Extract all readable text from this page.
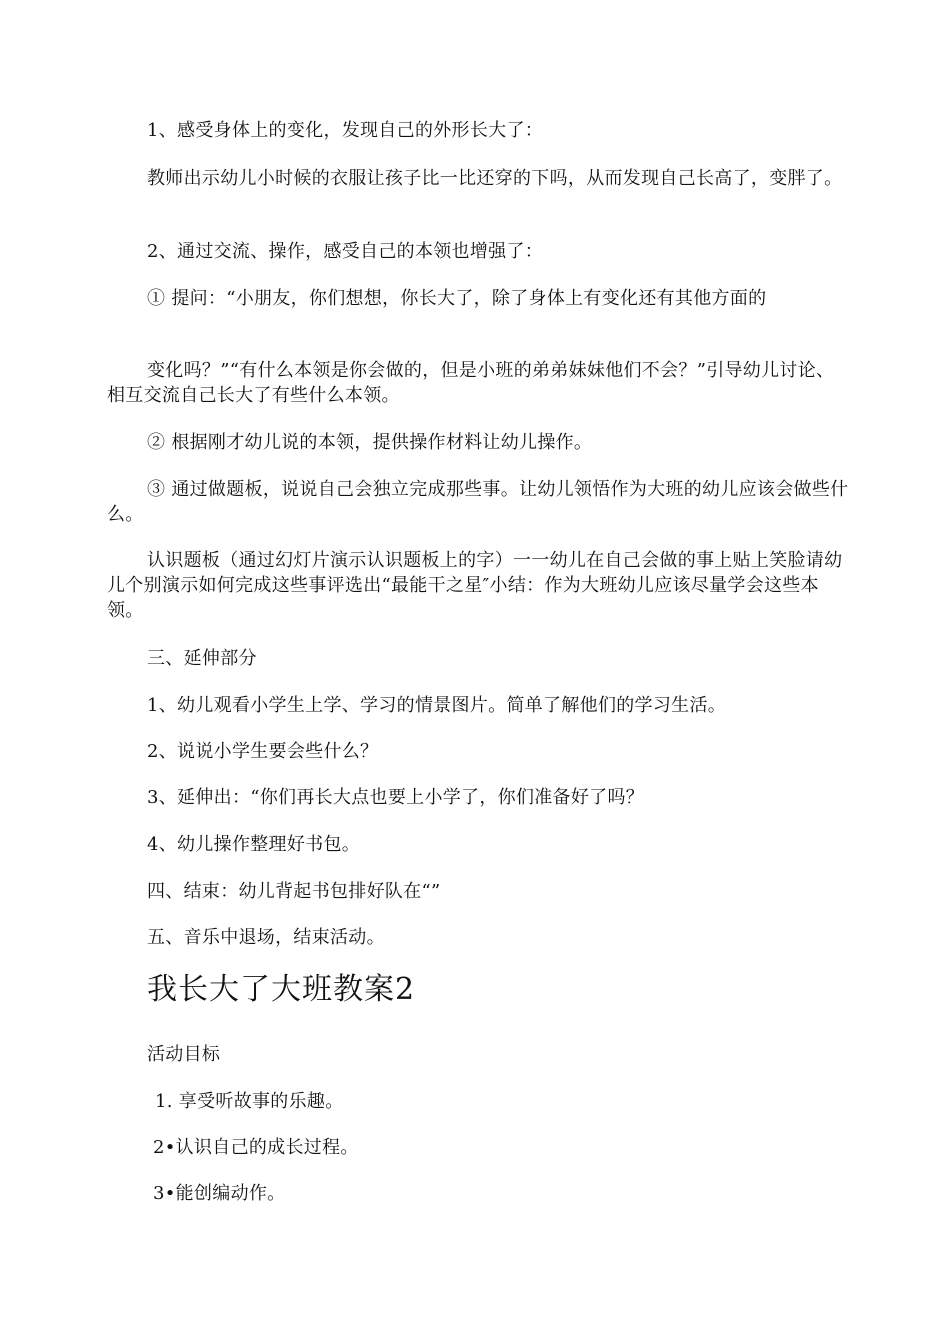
1、感受身体上的变化，发现自己的外形长大了：

教师出示幼儿小时候的衣服让孩子比一比还穿的下吗，从而发现自己长高了，变胖了。

2、通过交流、操作，感受自己的本领也增强了：

① 提问：“小朋友，你们想想，你长大了，除了身体上有变化还有其他方面的

变化吗？”“有什么本领是你会做的，但是小班的弟弟妹妹他们不会？”引导幼儿讨论、相互交流自己长大了有些什么本领。

② 根据刚才幼儿说的本领，提供操作材料让幼儿操作。

③ 通过做题板，说说自己会独立完成那些事。让幼儿领悟作为大班的幼儿应该会做些什么。

认识题板（通过幻灯片演示认识题板上的字）一一幼儿在自己会做的事上贴上笑脸请幼儿个别演示如何完成这些事评选出“最能干之星″小结：作为大班幼儿应该尽量学会这些本领。

三、延伸部分

1、幼儿观看小学生上学、学习的情景图片。简单了解他们的学习生活。

2、说说小学生要会些什么？

3、延伸出：“你们再长大点也要上小学了，你们准备好了吗？

4、幼儿操作整理好书包。

四、结束：幼儿背起书包排好队在“”

五、音乐中退场，结束活动。

我长大了大班教案2

活动目标

1. 享受听故事的乐趣。

2•认识自己的成长过程。

3•能创编动作。
